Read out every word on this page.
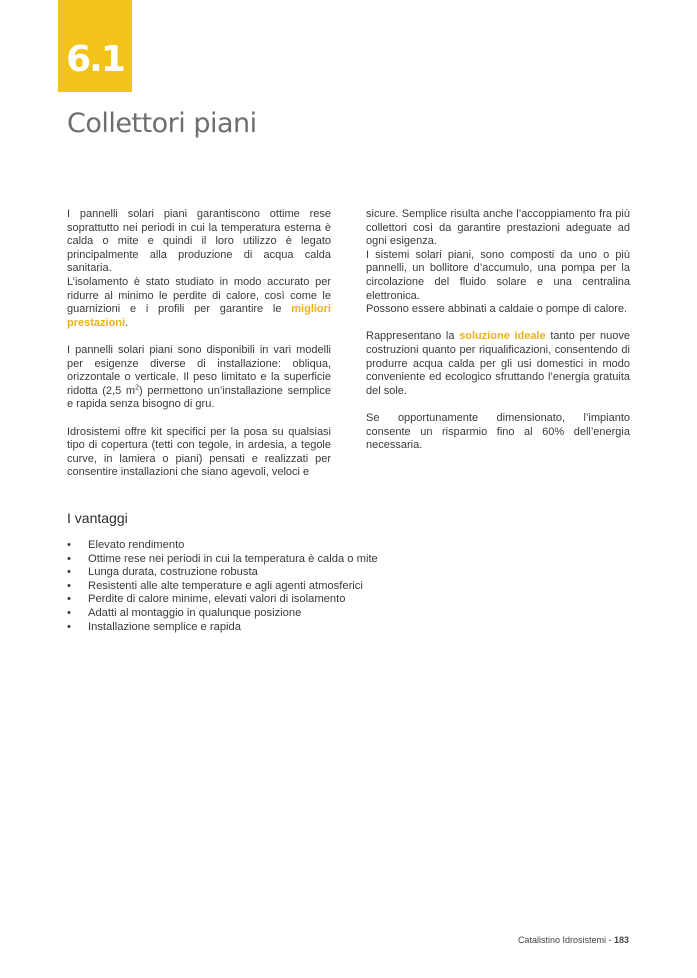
6.1
Collettori piani

I pannelli solari piani garantiscono ottime rese soprattutto nei periodi in cui la temperatura esterna è calda o mite e quindi il loro utilizzo è legato principalmente alla produzione di acqua calda sanitaria.

L’isolamento è stato studiato in modo accurato per ridurre al minimo le perdite di calore, così come le guarnizioni e i profili per garantire le migliori prestazioni.

I pannelli solari piani sono disponibili in vari modelli per esigenze diverse di installazione: obliqua, orizzontale o verticale. Il peso limitato e la superficie ridotta (2,5 $m^2$) permettono un’installazione semplice e rapida senza bisogno di gru.

Idrosistemi offre kit specifici per la posa su qualsiasi tipo di copertura (tetti con tegole, in ardesia, a tegole curve, in lamiera o piani) pensati e realizzati per consentire installazioni che siano agevoli, veloci e

sicure. Semplice risulta anche l’accoppiamento fra più collettori così da garantire prestazioni adeguate ad ogni esigenza.

I sistemi solari piani, sono composti da uno o più pannelli, un bollitore d’accumulo, una pompa per la circolazione del fluido solare e una centralina elettronica.

Possono essere abbinati a caldaie o pompe di calore.

Rappresentano la soluzione ideale tanto per nuove costruzioni quanto per riqualificazioni, consentendo di produrre acqua calda per gli usi domestici in modo conveniente ed ecologico sfruttando l’energia gratuita del sole.

Se opportunamente dimensionato, l’impianto consente un risparmio fino al 60% dell’energia necessaria.

I vantaggi
• Elevato rendimento
• Ottime rese nei periodi in cui la temperatura è calda o mite
• Lunga durata, costruzione robusta
• Resistenti alle alte temperature e agli agenti atmosferici
• Perdite di calore minime, elevati valori di isolamento
• Adatti al montaggio in qualunque posizione
• Installazione semplice e rapida
Catalistino Idrosistemi - 183
